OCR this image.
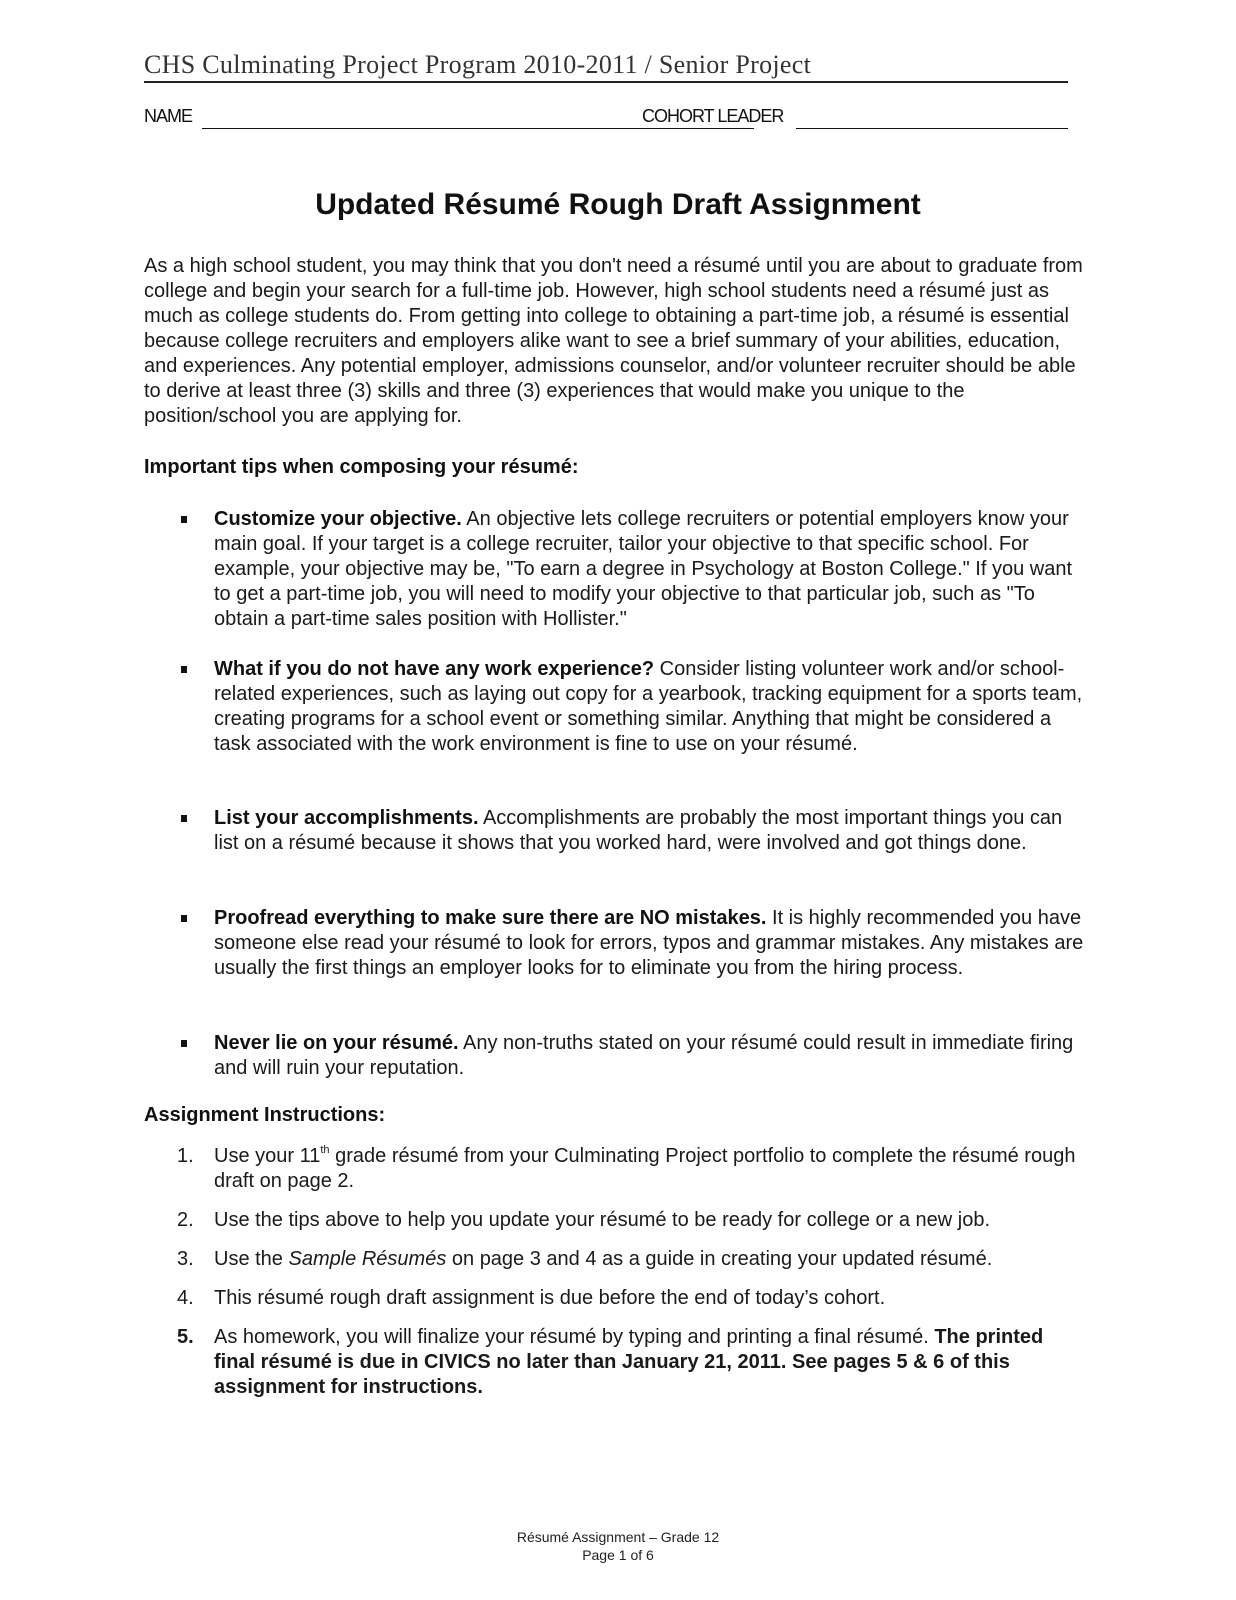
CHS Culminating Project Program 2010-2011 / Senior Project
NAME	COHORT LEADER
Updated Résumé Rough Draft Assignment
As a high school student, you may think that you don't need a résumé until you are about to graduate from college and begin your search for a full-time job. However, high school students need a résumé just as much as college students do. From getting into college to obtaining a part-time job, a résumé is essential because college recruiters and employers alike want to see a brief summary of your abilities, education, and experiences. Any potential employer, admissions counselor, and/or volunteer recruiter should be able to derive at least three (3) skills and three (3) experiences that would make you unique to the position/school you are applying for.
Important tips when composing your résumé:
Customize your objective. An objective lets college recruiters or potential employers know your main goal. If your target is a college recruiter, tailor your objective to that specific school. For example, your objective may be, "To earn a degree in Psychology at Boston College." If you want to get a part-time job, you will need to modify your objective to that particular job, such as "To obtain a part-time sales position with Hollister."
What if you do not have any work experience? Consider listing volunteer work and/or school-related experiences, such as laying out copy for a yearbook, tracking equipment for a sports team, creating programs for a school event or something similar. Anything that might be considered a task associated with the work environment is fine to use on your résumé.
List your accomplishments. Accomplishments are probably the most important things you can list on a résumé because it shows that you worked hard, were involved and got things done.
Proofread everything to make sure there are NO mistakes. It is highly recommended you have someone else read your résumé to look for errors, typos and grammar mistakes. Any mistakes are usually the first things an employer looks for to eliminate you from the hiring process.
Never lie on your résumé. Any non-truths stated on your résumé could result in immediate firing and will ruin your reputation.
Assignment Instructions:
1. Use your 11th grade résumé from your Culminating Project portfolio to complete the résumé rough draft on page 2.
2. Use the tips above to help you update your résumé to be ready for college or a new job.
3. Use the Sample Résumés on page 3 and 4 as a guide in creating your updated résumé.
4. This résumé rough draft assignment is due before the end of today’s cohort.
5. As homework, you will finalize your résumé by typing and printing a final résumé. The printed final résumé is due in CIVICS no later than January 21, 2011. See pages 5 & 6 of this assignment for instructions.
Résumé Assignment – Grade 12
Page 1 of 6
